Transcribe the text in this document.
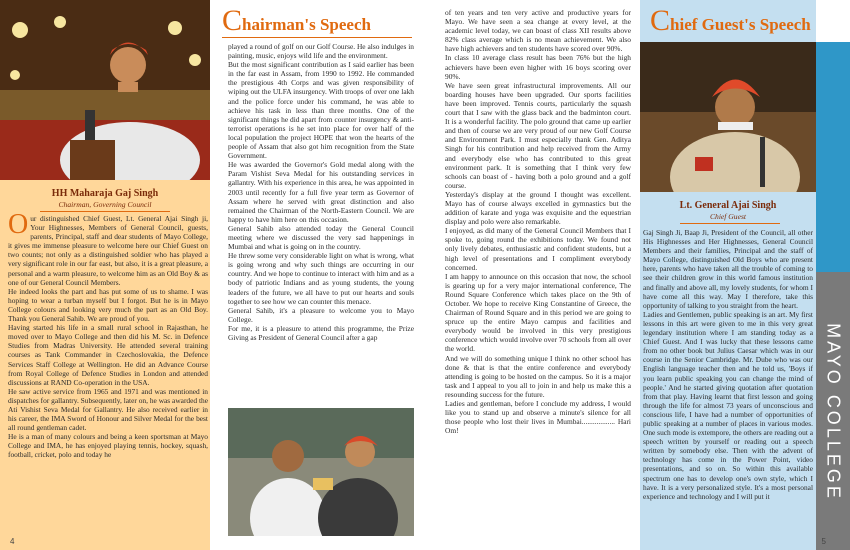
HH Maharaja Gaj Singh
Chairman, Governing Council
Chairman's Speech

Our distinguished Chief Guest, Lt. General Ajai Singh ji, Your Highnesses, Members of General Council, guests, parents, Principal, staff and dear students of Mayo College, it gives me immense pleasure to welcome here our Chief Guest on two counts; not only as a distinguished soldier who has played a very significant role in our far east, but also, it is a great pleasure, a personal and a warm pleasure, to welcome him as an Old Boy & as one of our General Council Members.

He indeed looks the part and has put some of us to shame. I was hoping to wear a turban myself but I forgot. But he is in Mayo College colours and looking very much the part as an Old Boy. Thank you General Sahib. We are proud of you.

Having started his life in a small rural school in Rajasthan, he moved over to Mayo College and then did his M. Sc. in Defence Studies from Madras University. He attended several training courses as Tank Commander in Czechoslovakia, the Defence Services Staff College at Wellington. He did an Advance Course from Royal College of Defence Studies in London and attended discussions at RAND Co-operation in the USA.

He saw active service from 1965 and 1971 and was mentioned in dispatches for gallantry. Subsequently, later on, he was awarded the Ati Vishist Seva Medal for Gallantry. He also received earlier in his career, the IMA Sword of Honour and Silver Medal for the best all round gentleman cadet.

He is a man of many colours and being a keen sportsman at Mayo College and IMA, he has enjoyed playing tennis, hockey, squash, football, cricket, polo and today he

played a round of golf on our Golf Course. He also indulges in painting, music, enjoys wild life and the environment.

But the most significant contribution as I said earlier has been in the far east in Assam, from 1990 to 1992. He commanded the prestigious 4th Corps and was given responsibility of wiping out the ULFA insurgency. With troops of over one lakh and the police force under his command, he was able to achieve his task in less than three months. One of the significant things he did apart from counter insurgency & anti-terrorist operations is he set into place for over half of the local population the project HOPE that won the hearts of the people of Assam that also got him recognition from the State Government.

He was awarded the Governor's Gold medal along with the Param Vishist Seva Medal for his outstanding services in gallantry. With his experience in this area, he was appointed in 2003 until recently for a full five year term as Governor of Assam where he served with great distinction and also remained the Chairman of the North-Eastern Council. We are happy to have him here on this occasion.

General Sahib also attended today the General Council meeting where we discussed the very sad happenings in Mumbai and what is going on in the country.

He threw some very considerable light on what is wrong, what is going wrong and why such things are occurring in our country. And we hope to continue to interact with him and as a body of patriotic Indians and as young students, the young leaders of the future, we all have to put our hearts and souls together to see how we can counter this menace.

General Sahib, it's a pleasure to welcome you to Mayo College.

For me, it is a pleasure to attend this programme, the Prize Giving as President of General Council after a gap

4
Chief Guest's Speech
Lt. General Ajai Singh
Chief Guest

of ten years and ten very active and productive years for Mayo. We have seen a sea change at every level, at the academic level today, we can boast of class XII results above 82% class average which is no mean achievement. We also have high achievers and ten students have scored over 90%.

In class 10 average class result has been 76% but the high achievers have been even higher with 16 boys scoring over 90%.

We have seen great infrastructural improvements. All our boarding houses have been upgraded. Our sports facilities have been improved. Tennis courts, particularly the squash court that I saw with the glass back and the badminton court. It is a wonderful facility. The polo ground that came up earlier and then of course we are very proud of our new Golf Course and Environment Park. I must especially thank Gen. Aditya Singh for his contribution and help received from the Army and everybody else who has contributed to this great environment park. It is something that I think very few schools can boast of - having both a polo ground and a golf course.

Yesterday's display at the ground I thought was excellent. Mayo has of course always excelled in gymnastics but the addition of karate and yoga was exquisite and the equestrian display and polo were also remarkable.

I enjoyed, as did many of the General Council Members that I spoke to, going round the exhibitions today. We found not only lively debates, enthusiastic and confident students, but a high level of presentations and I compliment everybody concerned.

I am happy to announce on this occasion that now, the school is gearing up for a very major international conference, The Round Square Conference which takes place on the 9th of October. We hope to receive King Constantine of Greece, the Chairman of Round Square and in this period we are going to spruce up the entire Mayo campus and facilities and everybody would be involved in this very prestigious conference which would involve over 70 schools from all over the world.

And we will do something unique I think no other school has done & that is that the entire conference and everybody attending is going to be hosted on the campus. So it is a major task and I appeal to you all to join in and help us make this a resounding success for the future.

Ladies and gentleman, before I conclude my address, I would like you to stand up and observe a minute's silence for all those people who lost their lives in Mumbai.................. Hari Om!

Gaj Singh Ji, Baap Ji, President of the Council, all other His Highnesses and Her Highnesses, General Council Members and their families, Principal and the staff of Mayo College, distinguished Old Boys who are present here, parents who have taken all the trouble of coming to see their children grow in this world famous institution and finally and above all, my lovely students, for whom I have come all this way. May I therefore, take this opportunity of talking to you straight from the heart.

Ladies and Gentlemen, public speaking is an art. My first lessons in this art were given to me in this very great legendary institution where I am standing today as a Chief Guest. And I was lucky that these lessons came from no other book but Julius Caesar which was in our course in the Senior Cambridge. Mr. Dube who was our English language teacher then and he told us, 'Boys if you learn public speaking you can change the mind of people.' And he started giving quotation after quotation from that play. Having learnt that first lesson and going through the life for almost 73 years of unconscious and conscious life, I have had a number of opportunities of public speaking at a number of places in various modes. One such mode is extempore, the others are reading out a speech written by yourself or reading out a speech written by somebody else. Then with the advent of technology has come in the Power Point, video presentations, and so on. So within this available spectrum one has to develop one's own style, which I have. It is a very personalized style. It's a most personal experience and technology and I will put it	MAYO COLLEGE
5
